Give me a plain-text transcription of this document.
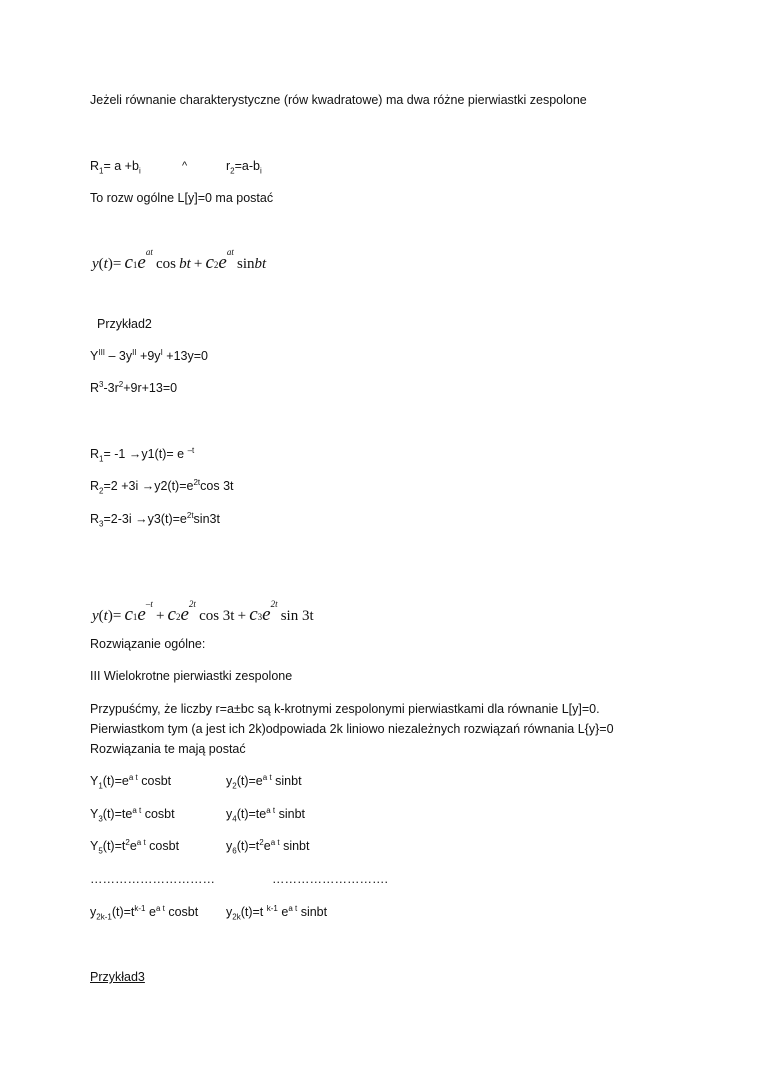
Jeżeli równanie charakterystyczne (rów kwadratowe) ma dwa różne pierwiastki zespolone
$R_1= a +b_i$	^	$r_2=a-b_i$
To rozw ogólne L[y]=0 ma postać
$y(t)= c1e^{at}$ cos bt + $c2e^{at}$ sinbt
Przykład2
$Y^{III} - 3y^{II} +9y^I +13y=0$
$R^3-3r^2+9r+13=0$
$R_1= -1 \to y1(t)= e$ $^{-t}$
$R_2=2 +3i \to y2(t)=e^{2t}\cos$ 3t
$R_3=2-3i \to y3(t)=e^{2t}\sin 3t$
$y(t)= c1e^{-t} + c2e^{2t}$ $\cos 3t + c3e^{2t}$ sin 3t
Rozwiązanie ogólne:
III Wielokrotne pierwiastki zespolone
Przypuśćmy, że liczby r=a±bc są k-krotnymi zespolonymi pierwiastkami dla równanie L[y]=0.
Pierwiastkom tym (a jest ich 2k)odpowiada 2k liniowo niezależnych rozwiązań równania L{y}=0
Rozwiązania te mają postać
$Y_1(t)=e^{a t}$ cosbt	$y_2(t)=e^{a t}$ sinbt
$Y_3(t)=te^{a t}$ cosbt	$y_4(t)=te^{a t}$ sinbt
$Y_5(t)=t^2e^{a t}$ cosbt	$y_6(t)=t^2e^{a t}$ sinbt
…………………………	……………………….
$y_{2k-1}(t)=t^{k-1}$ $e^{a t}$ cosbt $y_{2k}(t)=t$ $^{k-1}$ $e^{a t}$ sinbt
Przykład3
